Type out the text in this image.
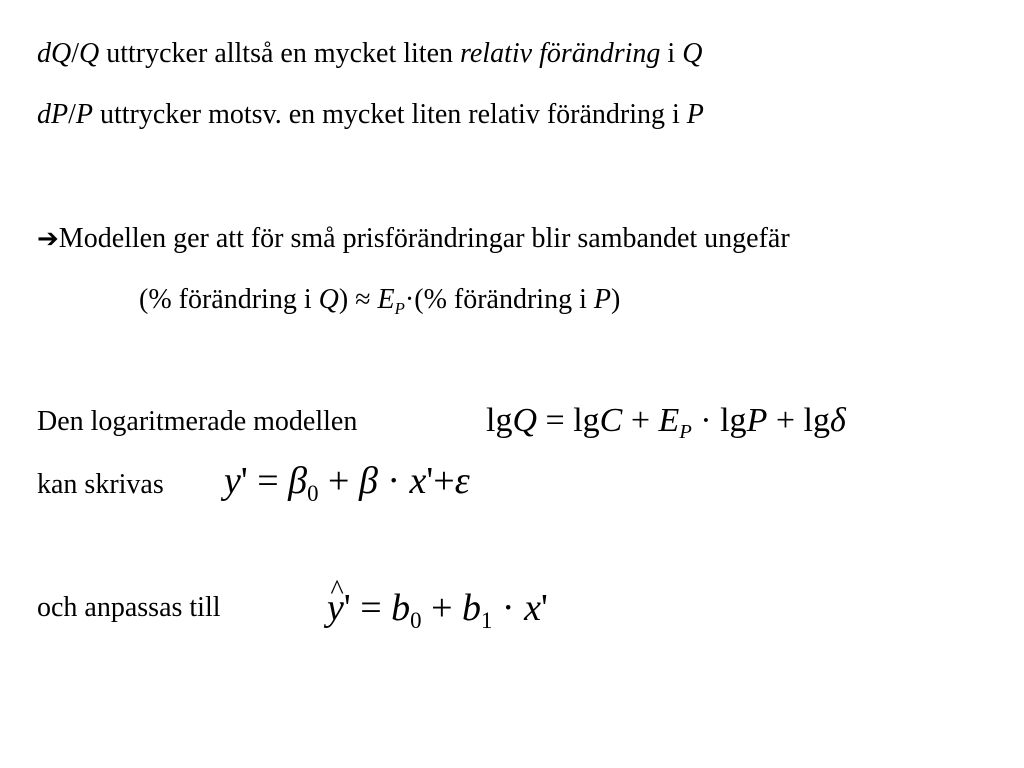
dQ/Q uttrycker alltså en mycket liten relativ förändring i Q
dP/P uttrycker motsv. en mycket liten relativ förändring i P
➔Modellen ger att för små prisförändringar blir sambandet ungefär
(% förändring i $Q) \approx E_P\cdot(\%$ förändring i P)
Den logaritmerade modellen	$\lg Q = \lg C + E_P \cdot \lg P + \lg\delta$
kan skrivas $y' = \beta_0 + \beta \cdot x'+\varepsilon$
och anpassas till
^	$y' = b_0 + b_1 \cdot x'$
